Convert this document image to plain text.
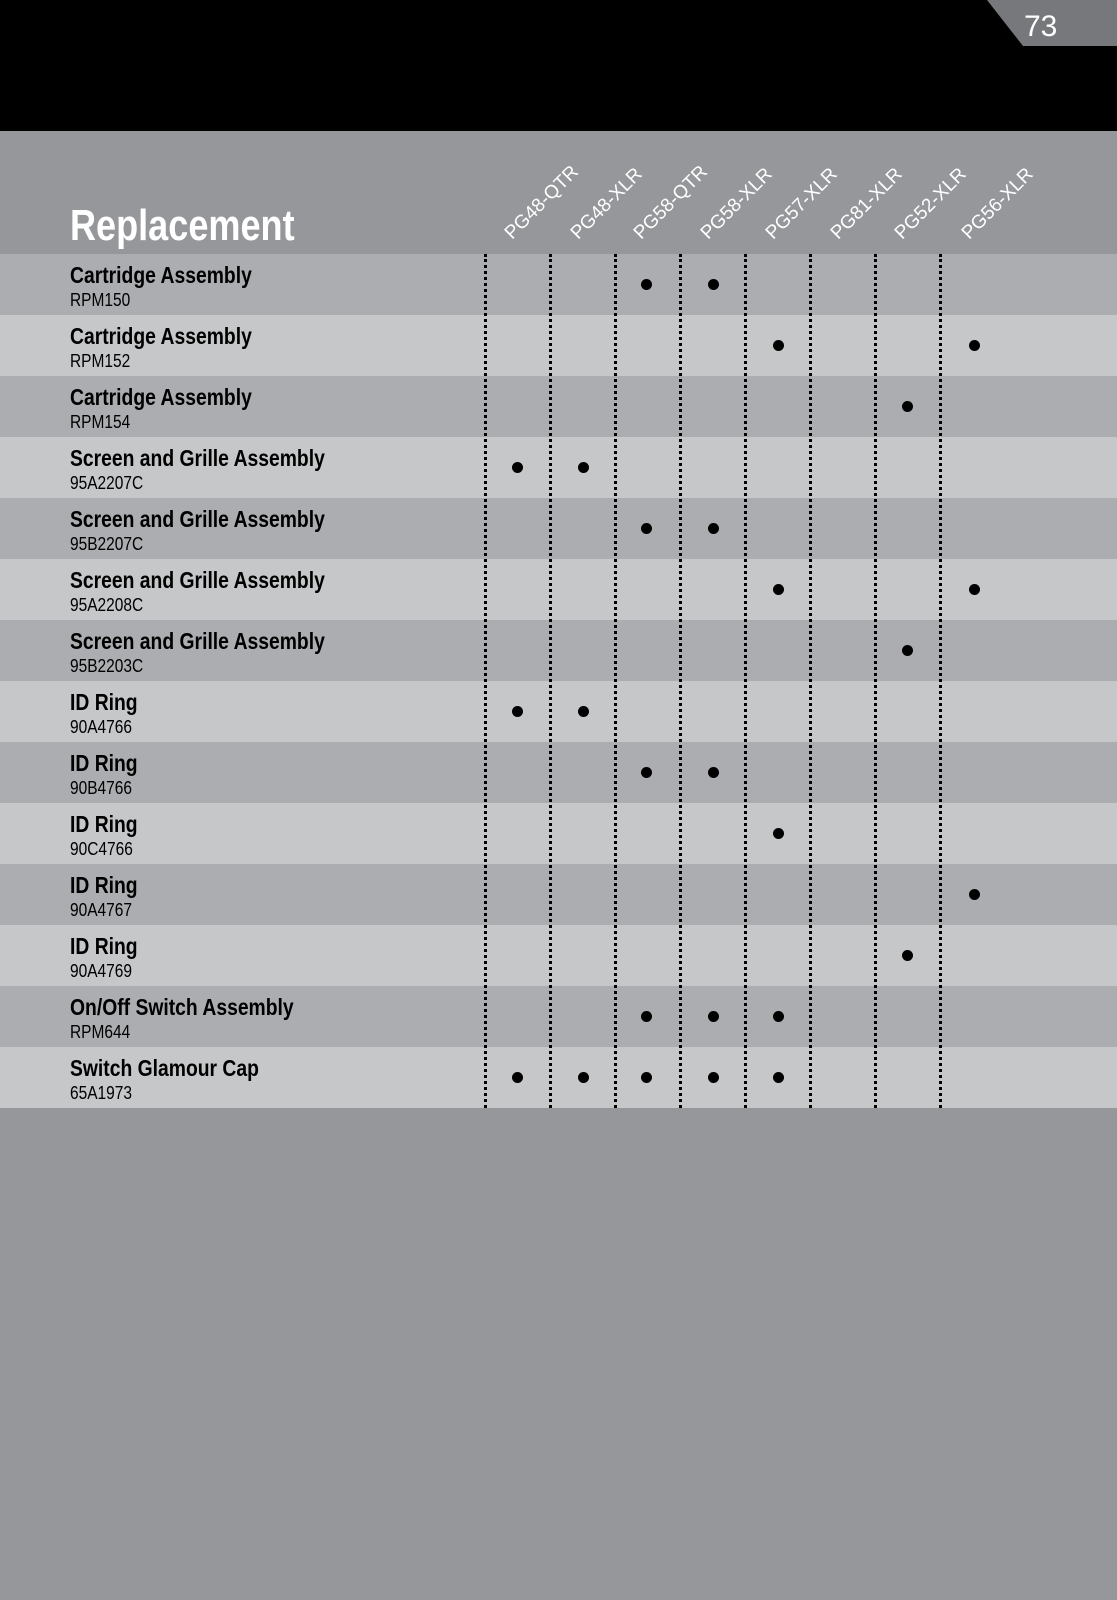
73
Replacement	PG48-QTR
PG48-XLR
PG58-QTR
PG58-XLR
PG57-XLR
PG81-XLR
PG52-XLR
PG56-XLR
Cartridge Assembly
RPM150
Cartridge Assembly
RPM152
Cartridge Assembly
RPM154
Screen and Grille Assembly
95A2207C
Screen and Grille Assembly
95B2207C
Screen and Grille Assembly
95A2208C
Screen and Grille Assembly
95B2203C
ID Ring
90A4766
ID Ring
90B4766
ID Ring
90C4766
ID Ring
90A4767
ID Ring
90A4769
On/Off Switch Assembly
RPM644
Switch Glamour Cap
65A1973
